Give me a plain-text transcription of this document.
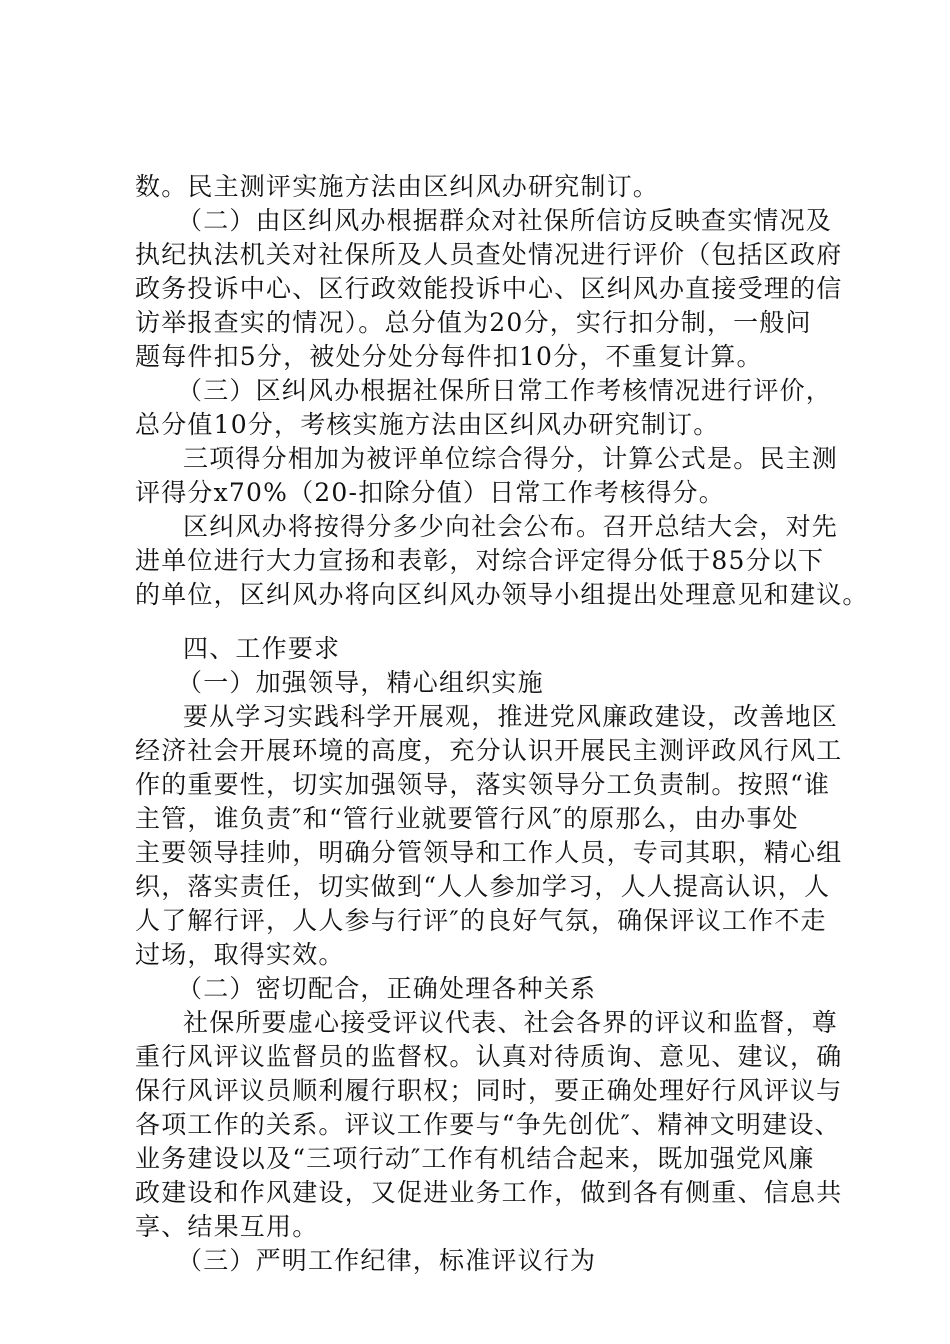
数。民主测评实施方法由区纠风办研究制订。
（二）由区纠风办根据群众对社保所信访反映查实情况及
执纪执法机关对社保所及人员查处情况进行评价（包括区政府
政务投诉中心、区行政效能投诉中心、区纠风办直接受理的信
访举报查实的情况）。总分值为20分，实行扣分制，一般问
题每件扣5分，被处分处分每件扣10分，不重复计算。
（三）区纠风办根据社保所日常工作考核情况进行评价，
总分值10分，考核实施方法由区纠风办研究制订。
三项得分相加为被评单位综合得分，计算公式是。民主测
评得分x70%（20-扣除分值）日常工作考核得分。
区纠风办将按得分多少向社会公布。召开总结大会，对先
进单位进行大力宣扬和表彰，对综合评定得分低于85分以下
的单位，区纠风办将向区纠风办领导小组提出处理意见和建议。
四、工作要求
（一）加强领导，精心组织实施
要从学习实践科学开展观，推进党风廉政建设，改善地区
经济社会开展环境的高度，充分认识开展民主测评政风行风工
作的重要性，切实加强领导，落实领导分工负责制。按照“谁
主管，谁负责″和“管行业就要管行风″的原那么，由办事处
主要领导挂帅，明确分管领导和工作人员，专司其职，精心组
织，落实责任，切实做到“人人参加学习，人人提高认识，人
人了解行评，人人参与行评″的良好气氛，确保评议工作不走
过场，取得实效。
（二）密切配合，正确处理各种关系
社保所要虚心接受评议代表、社会各界的评议和监督，尊
重行风评议监督员的监督权。认真对待质询、意见、建议，确
保行风评议员顺利履行职权；同时，要正确处理好行风评议与
各项工作的关系。评议工作要与“争先创优″、精神文明建设、
业务建设以及“三项行动″工作有机结合起来，既加强党风廉
政建设和作风建设，又促进业务工作，做到各有侧重、信息共
享、结果互用。
（三）严明工作纪律，标准评议行为
